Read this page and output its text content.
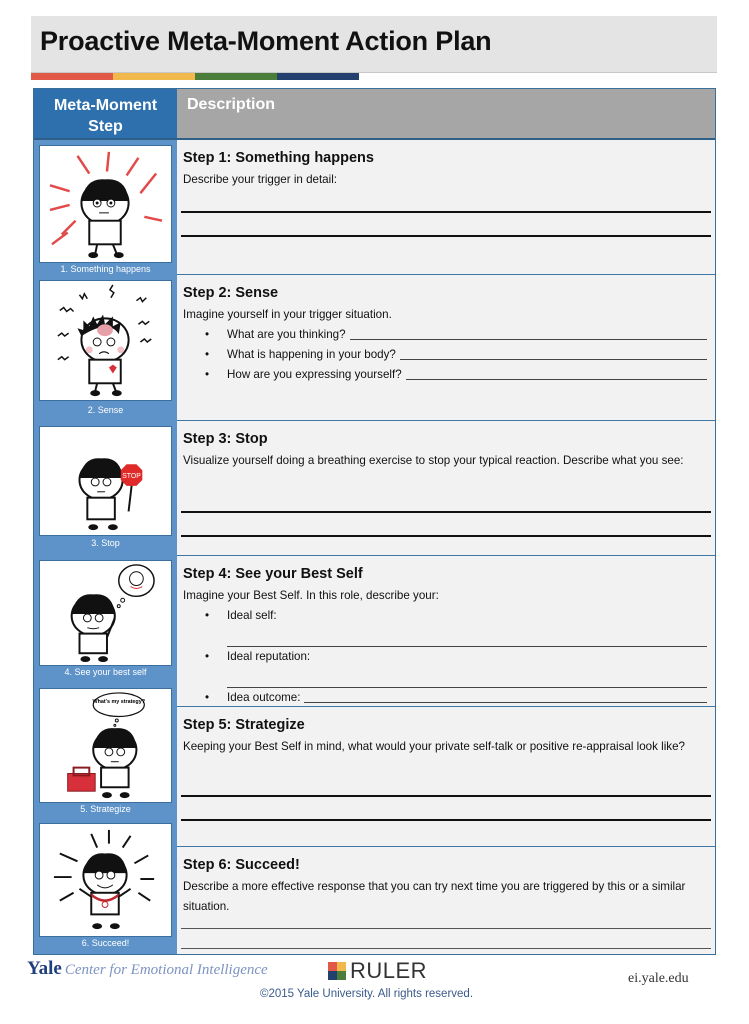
Proactive Meta-Moment Action Plan
Meta-Moment
Step
Description
1. Something happens
2. Sense
STOP
3. Stop
4. See your best self
What's my strategy?
5. Strategize
6. Succeed!
Step 1: Something happens

Describe your trigger in detail:

Step 2: Sense

Imagine yourself in your trigger situation.

• What are you thinking?
• What is happening in your body?
• How are you expressing yourself?
Step 3: Stop

Visualize yourself doing a breathing exercise to stop your typical reaction. Describe what you see:

Step 4: See your Best Self

Imagine your Best Self. In this role, describe your:

• Ideal self:
• Ideal reputation:
• Idea outcome:
Step 5: Strategize

Keeping your Best Self in mind, what would your private self-talk or positive re-appraisal look like?

Step 6: Succeed!

Describe a more effective response that you can try next time you are triggered by this or a similar situation.

Yale Center for Emotional Intelligence	RULER	ei.yale.edu
©2015 Yale University. All rights reserved.
